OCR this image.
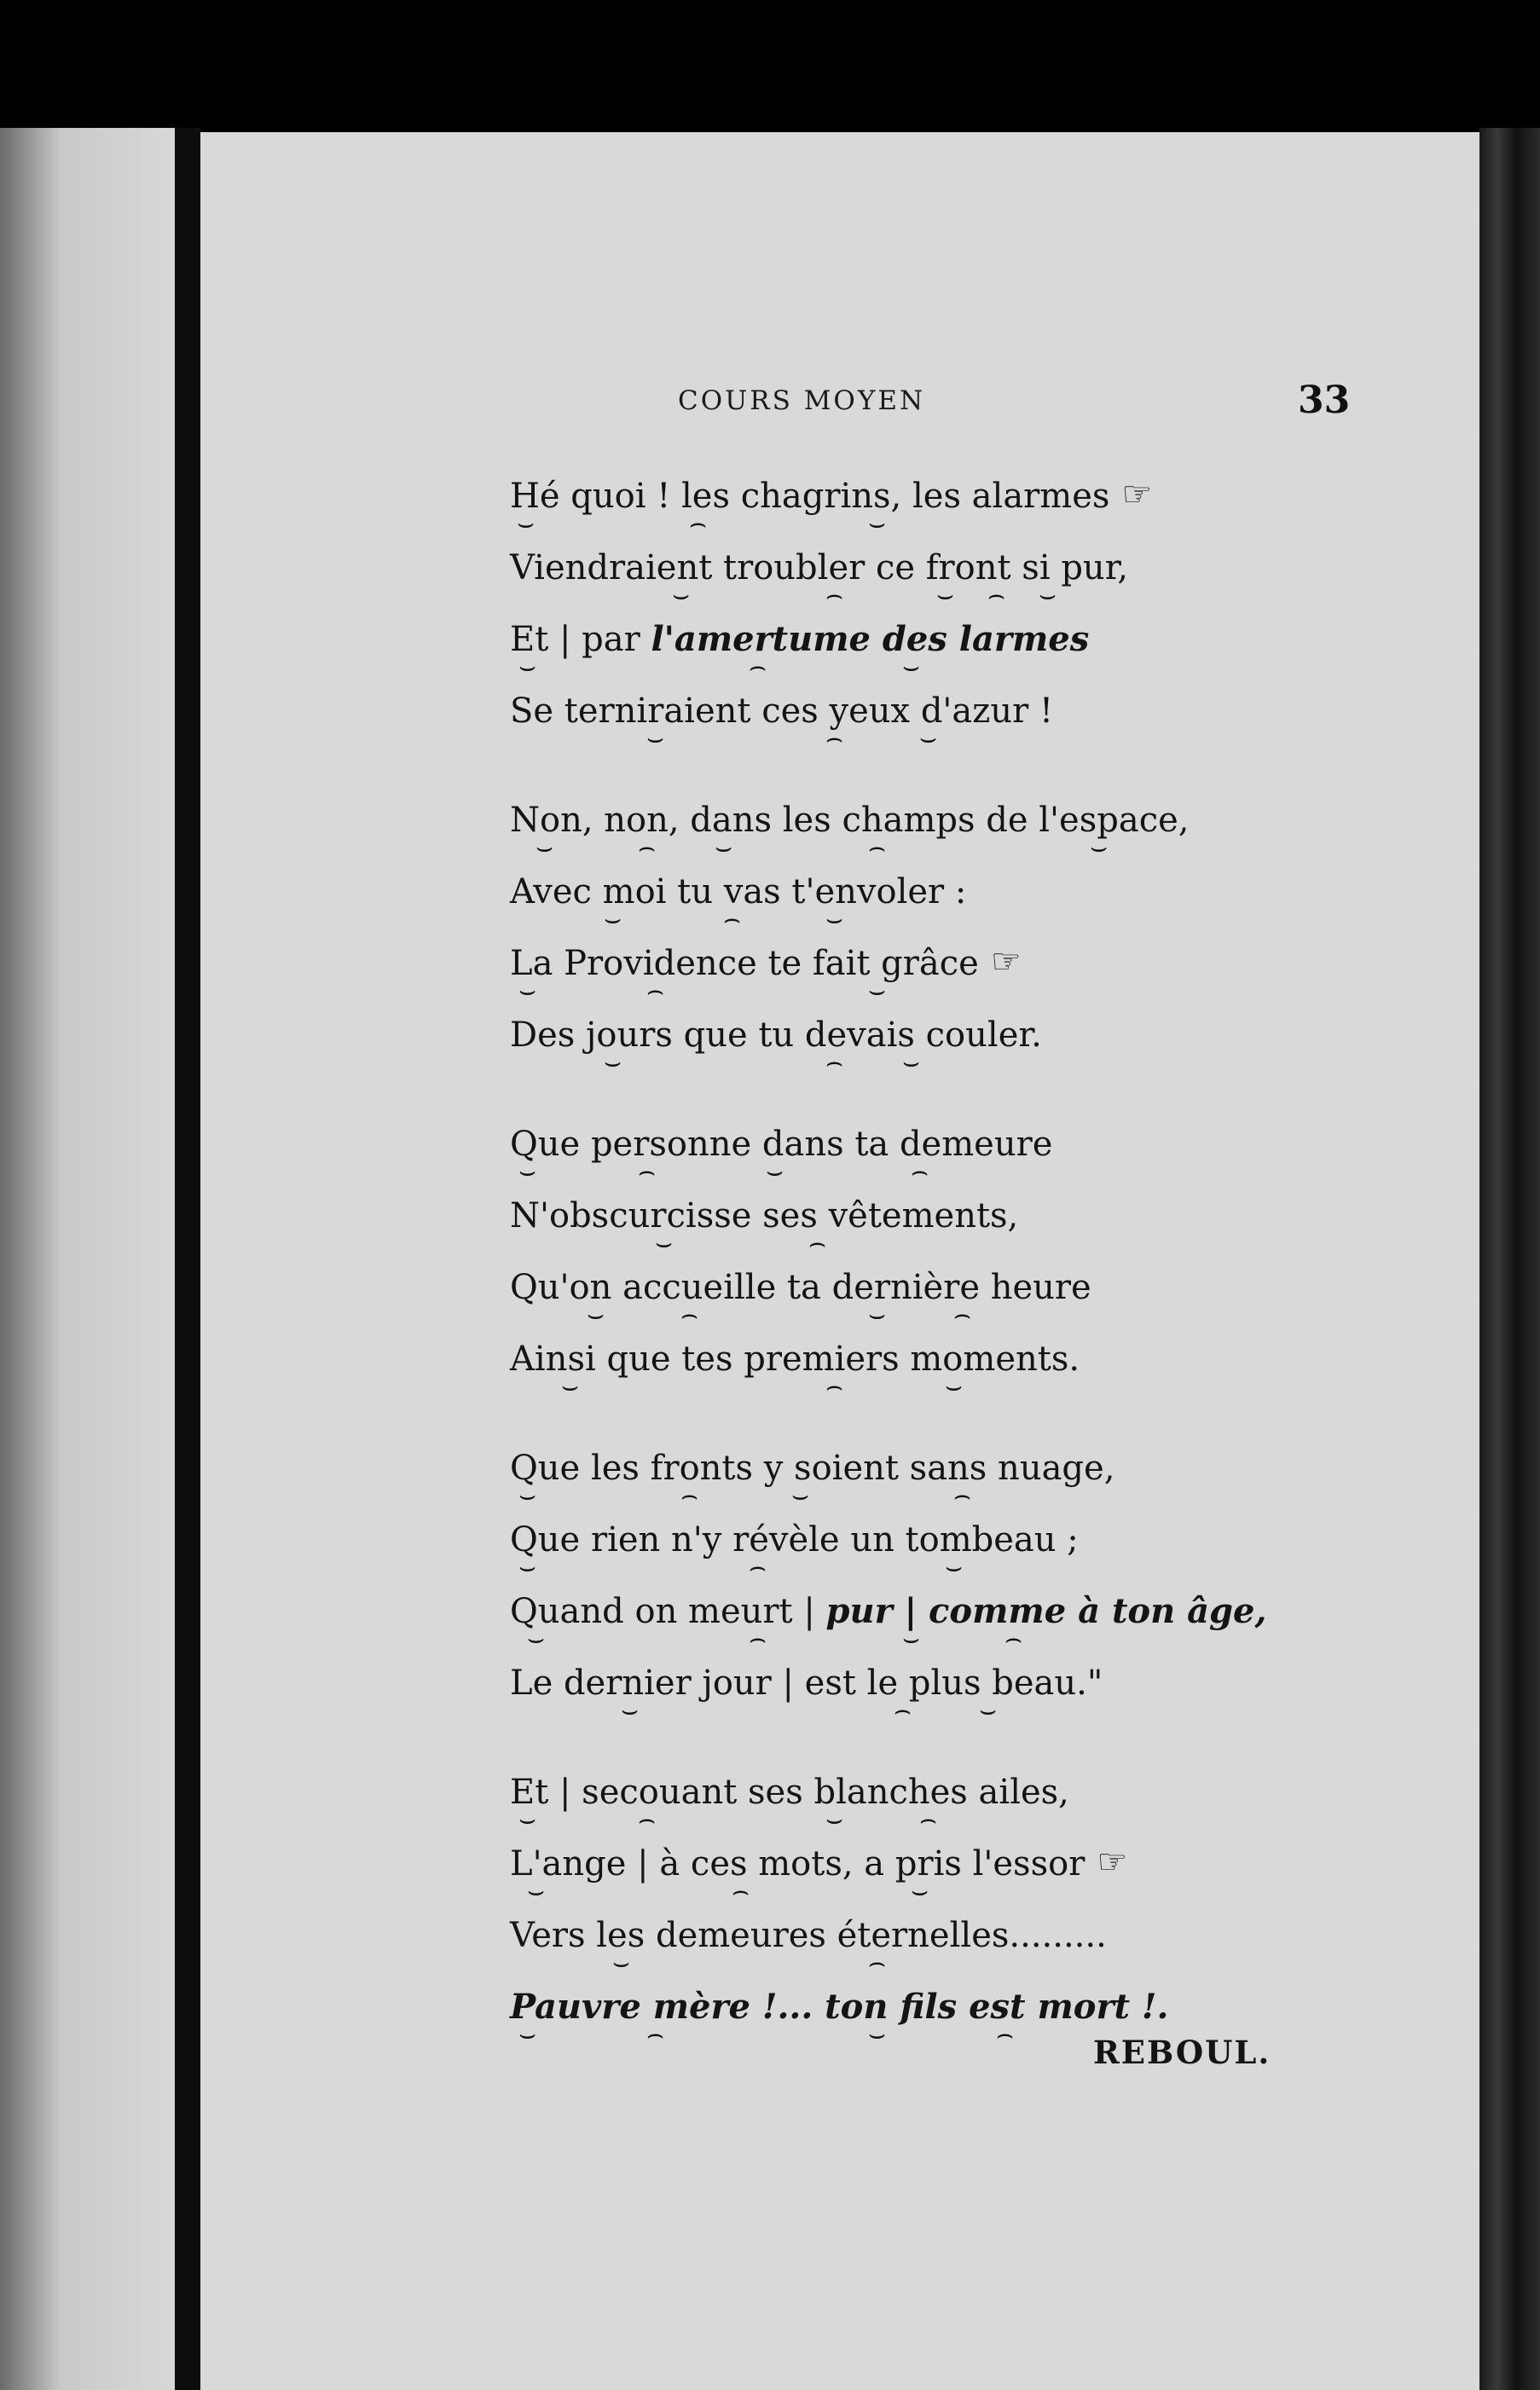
COURS MOYEN	33
Hé quoi ! les chagrins, les alarmes ☞
⌣	⌢	⌣
Viendraient troubler ce front si pur,
⌣	⌢	⌣ ⌢ ⌣
Et | par l'amertume des larmes
⌣	⌢	⌣
Se terniraient ces yeux d'azur !
⌣	⌢	⌣
Non, non, dans les champs de l'espace,
⌣	⌢ ⌣	⌢	⌣
Avec moi tu vas t'envoler :
⌣	⌢	⌣
La Providence te fait grâce ☞
⌣	⌢	⌣
Des jours que tu devais couler.
⌣	⌢ ⌣
Que personne dans ta demeure
⌣	⌢	⌣	⌢
N'obscurcisse ses vêtements,
⌣	⌢
Qu'on accueille ta dernière heure
⌣	⌢	⌣ ⌢
Ainsi que tes premiers moments.
⌣	⌢	⌣
Que les fronts y soient sans nuage,
⌣	⌢	⌣	⌢
Que rien n'y révèle un tombeau ;
⌣	⌢	⌣
Quand on meurt | pur | comme à ton âge,
⌣	⌢	⌣	⌢
Le dernier jour | est le plus beau."
⌣	⌢ ⌣
Et | secouant ses blanches ailes,
⌣	⌢	⌣	⌢
L'ange | à ces mots, a pris l'essor ☞
⌣	⌢	⌣
Vers les demeures éternelles.........
⌣	⌢
Pauvre mère !... ton fils est mort !.
⌣	⌢	⌣	⌢	REBOUL.
